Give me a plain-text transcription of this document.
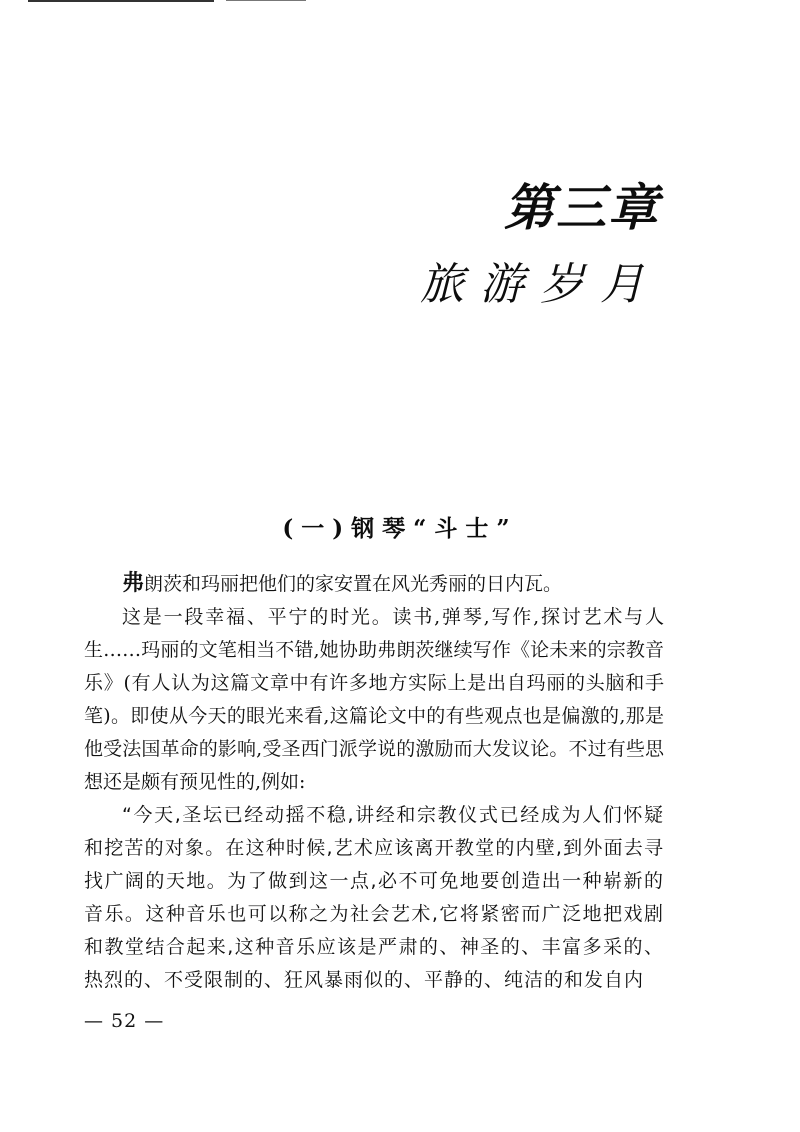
第三章
旅游岁月
(一)钢琴“斗士”

弗朗茨和玛丽把他们的家安置在风光秀丽的日内瓦。

这是一段幸福、平宁的时光。读书,弹琴,写作,探讨艺术与人生……玛丽的文笔相当不错,她协助弗朗茨继续写作《论未来的宗教音乐》(有人认为这篇文章中有许多地方实际上是出自玛丽的头脑和手笔)。即使从今天的眼光来看,这篇论文中的有些观点也是偏激的,那是他受法国革命的影响,受圣西门派学说的激励而大发议论。不过有些思想还是颇有预见性的,例如:

“今天,圣坛已经动摇不稳,讲经和宗教仪式已经成为人们怀疑和挖苦的对象。在这种时候,艺术应该离开教堂的内壁,到外面去寻找广阔的天地。为了做到这一点,必不可免地要创造出一种崭新的音乐。这种音乐也可以称之为社会艺术,它将紧密而广泛地把戏剧和教堂结合起来,这种音乐应该是严肃的、神圣的、丰富多采的、热烈的、不受限制的、狂风暴雨似的、平静的、纯洁的和发自内

— 52 —
